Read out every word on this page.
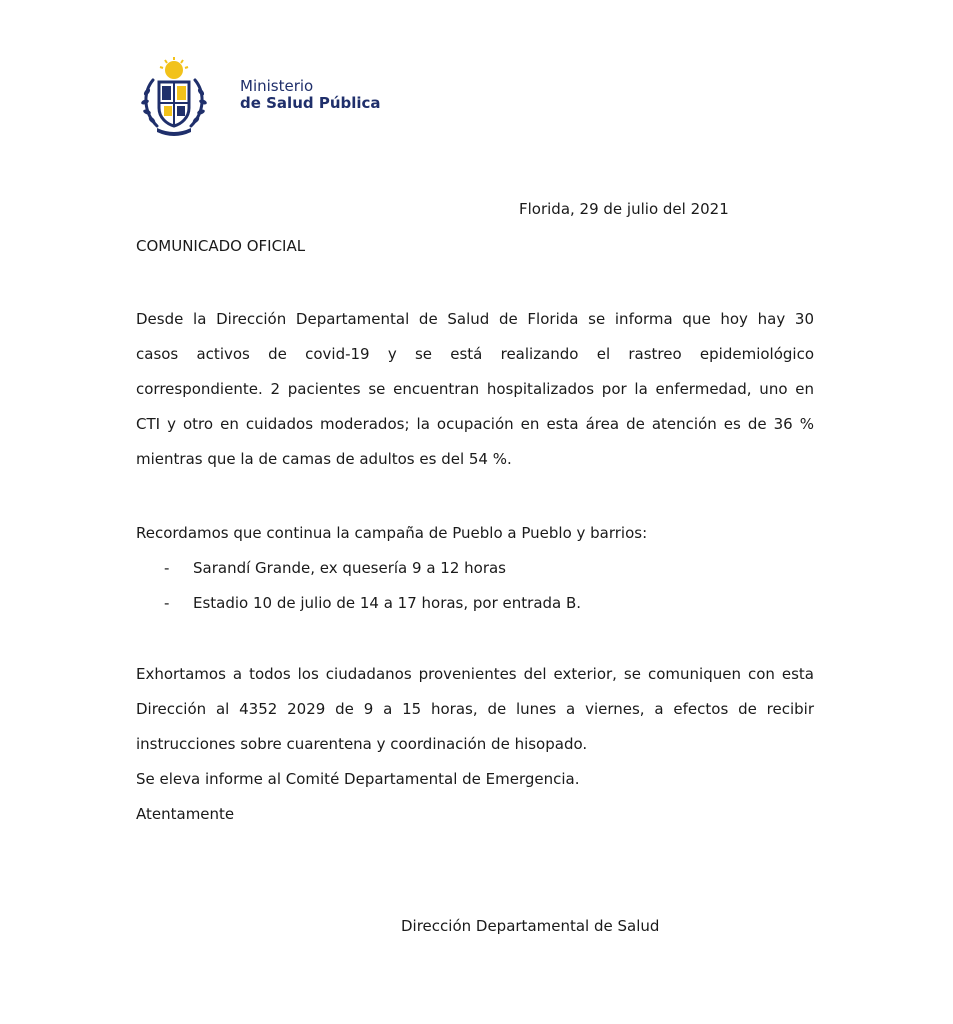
Ministerio
de Salud Pública
Florida, 29 de julio del 2021
COMUNICADO OFICIAL
Desde la Dirección Departamental de Salud de Florida se informa que hoy hay 30
casos activos de covid-19 y se está realizando el rastreo epidemiológico
correspondiente. 2 pacientes se encuentran hospitalizados por la enfermedad, uno en
CTI y otro en cuidados moderados; la ocupación en esta área de atención es de 36 %
mientras que la de camas de adultos es del 54 %.
Recordamos que continua la campaña de Pueblo a Pueblo y barrios:
- Sarandí Grande, ex quesería 9 a 12 horas
- Estadio 10 de julio de 14 a 17 horas, por entrada B.
Exhortamos a todos los ciudadanos provenientes del exterior, se comuniquen con esta
Dirección al 4352 2029 de 9 a 15 horas, de lunes a viernes, a efectos de recibir
instrucciones sobre cuarentena y coordinación de hisopado.
Se eleva informe al Comité Departamental de Emergencia.
Atentamente
Dirección Departamental de Salud
